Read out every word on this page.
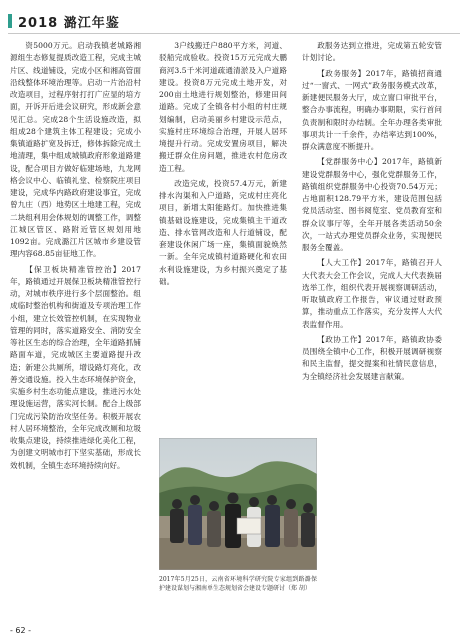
2018 潞江年鉴

资5000万元。启动我镇老城路湘源组生态修复提质改造工程，完成主城片区、线道铺设，完成小区和湘高管面沿线整体环境治理等。启动一片治沿村改造项目，过程序射打打广应显的培方面，开诉开后进会议研究，形成新会意见汇总。完成28个生活设施改造，拟组成28个建筑主体工程建设；完成小集镇道路扩宽及拆迁，修体拆除完成土地清理，集中组成城镇政府形象道路建设，配合项目方做好临建场地，九龙网格会议中心、临镇礼堂、检察院庄项目建设，完成华内路政府建设事宜，完成曾九庄（西）地势区土地建工程，完成二块组利用会体规划的调整工作，调整江城区管区、路附近管区规划用地1092亩。完成潞江片区城市乡建设管理内容68.85亩征地工作。

【保卫板块精准管控治】2017年，路镇通过开展保卫板块精准管控行动，对城市秩序进行多个层面整治。组成临时整治机构和街道及专项治理工作小组，建立长效管控机制，在实现物业管理的同时，落实道路安全、消防安全等社区生态的综合治理，全年道路抓铺路面车道，完成城区主要道路提升改造；新建公共厕所，增设路灯亮化，改善交通设施。投入生态环境保护资金，实施乡村生态功能点建设，推进污水处理设施运营，落实河长制。配合上级部门完成污染防治攻坚任务。积极开展农村人居环境整治，全年完成改厕和垃圾收集点建设，持续推进绿化美化工程，为创建文明城市打下坚实基础，形成长效机制，全镇生态环境持续向好。

3户线搬迁户880平方米，河道、驳船完成验收。投资15万元完成大鹏商河3.5千米河道疏通清淤及入户道路建设。投资8万元完成土地开发，对200亩土地进行规划整治，修建田间道路。完成了全镇各村小组的村庄规划编制，启动美丽乡村建设示范点，实施村庄环境综合治理，开展人居环境提升行动。完成安置房项目，解决搬迁群众住房问题，推进农村危房改造工程。

改造完成，投资57.4万元，新建排水沟渠和入户道路，完成村庄亮化项目，新增太阳能路灯。加快推进集镇基础设施建设，完成集镇主干道改造、排水管网改造和人行道铺设，配套建设休闲广场一座，集镇面貌焕然一新。全年完成镇村道路硬化和农田水利设施建设，为乡村振兴奠定了基础。

政服务达到立推进，完成第五轮安管计划讨论。

【政务服务】2017年，路镇招商通过“一窗式、一网式”政务服务模式改革，新建便民服务大厅，成立窗口审批平台，整合办事流程，明确办事期限，实行首问负责制和限时办结制。全年办理各类审批事项共计一千余件，办结率达到100%，群众满意度不断提升。

【党群服务中心】2017年，路镇新建设党群服务中心，强化党群服务工作，路镇组织党群服务中心投资70.54万元；占地面积128.79平方米，建设范围包括党员活动室、图书阅览室、党员教育室和群众议事厅等，全年开展各类活动50余次，一站式办理党员群众业务，实现便民服务全覆盖。

【人大工作】2017年，路镇召开人大代表大会工作会议，完成人大代表换届选举工作，组织代表开展视察调研活动，听取镇政府工作报告，审议通过财政预算，推动重点工作落实，充分发挥人大代表监督作用。

【政协工作】2017年，路镇政协委员围绕全镇中心工作，积极开展调研视察和民主监督，提交提案和社情民意信息，为全镇经济社会发展建言献策。

2017年5月25日，云南省环境科学研究院专家组到路潞保护建设谋划与湘南单生态规划省会建设专题研讨（郑 胡）
- 62 -
